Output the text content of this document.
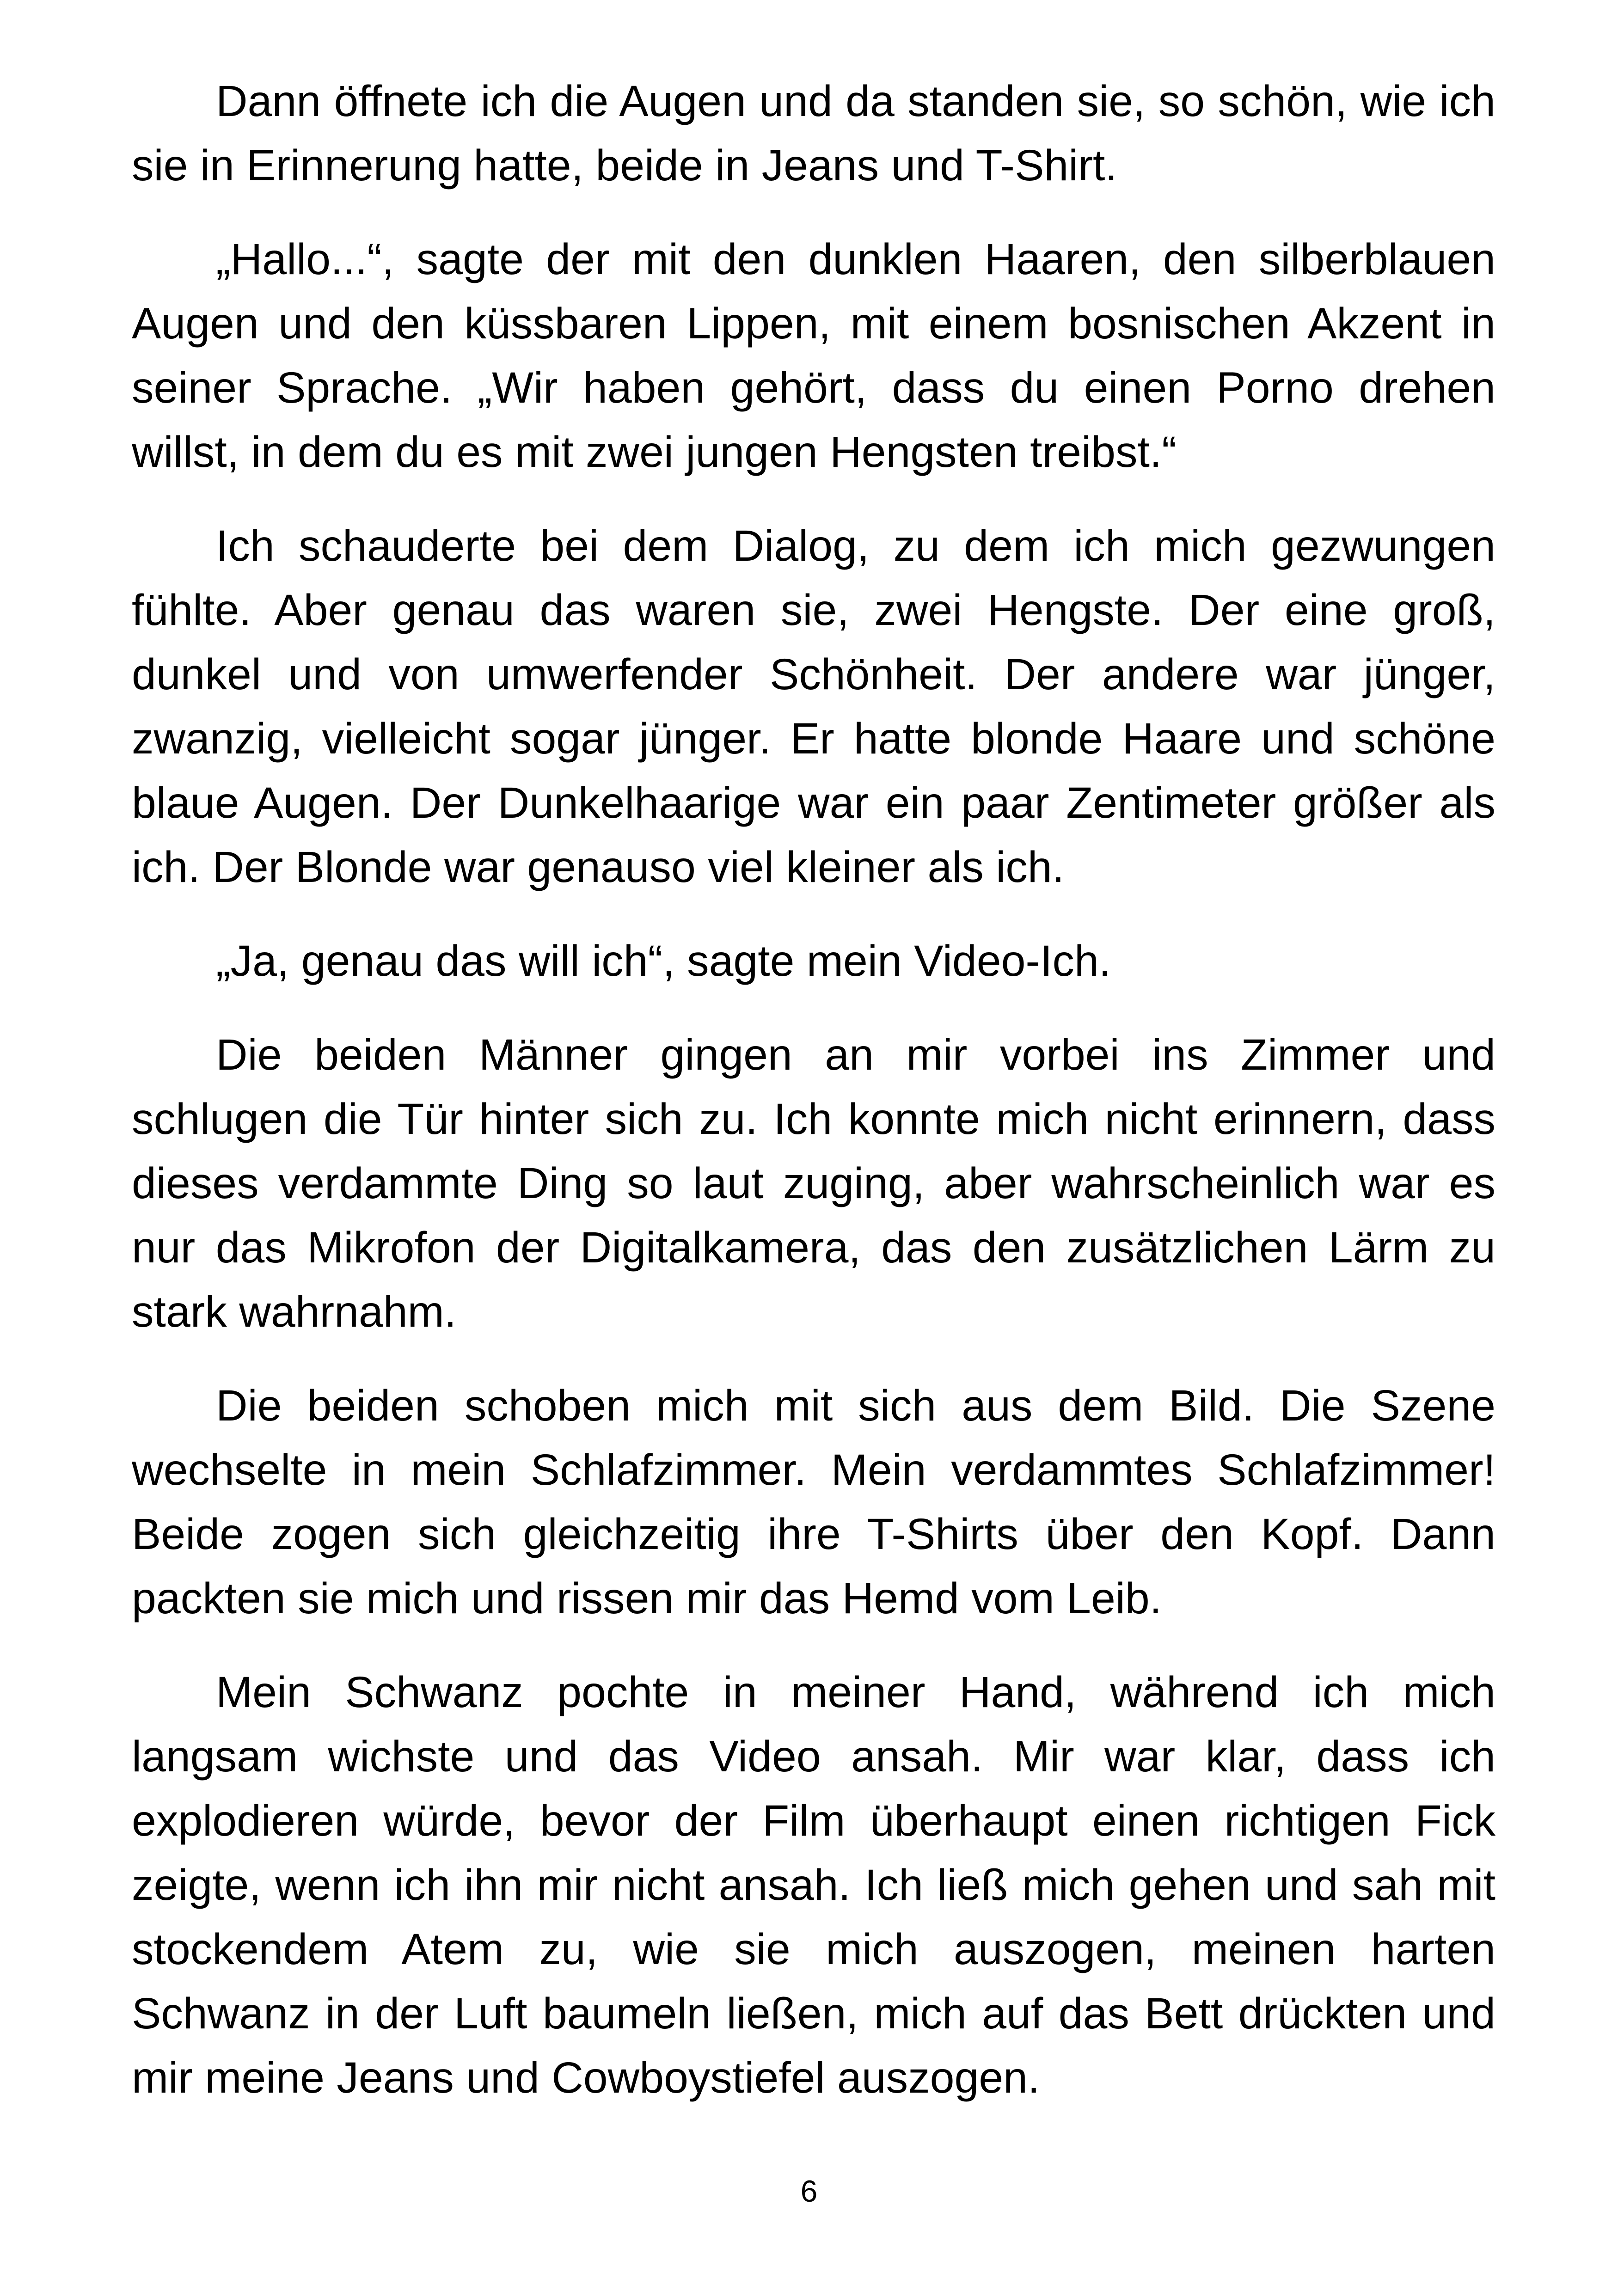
Dann öffnete ich die Augen und da standen sie, so schön, wie ich sie in Erinnerung hatte, beide in Jeans und T-Shirt.

„Hallo...“, sagte der mit den dunklen Haaren, den silberblauen Augen und den küssbaren Lippen, mit einem bosnischen Akzent in seiner Sprache. „Wir haben gehört, dass du einen Porno drehen willst, in dem du es mit zwei jungen Hengsten treibst.“

Ich schauderte bei dem Dialog, zu dem ich mich gezwungen fühlte. Aber genau das waren sie, zwei Hengste. Der eine groß, dunkel und von umwerfender Schönheit. Der andere war jünger, zwanzig, vielleicht sogar jünger. Er hatte blonde Haare und schöne blaue Augen. Der Dunkelhaarige war ein paar Zentimeter größer als ich. Der Blonde war genauso viel kleiner als ich.

„Ja, genau das will ich“, sagte mein Video-Ich.

Die beiden Männer gingen an mir vorbei ins Zimmer und schlugen die Tür hinter sich zu. Ich konnte mich nicht erinnern, dass dieses verdammte Ding so laut zuging, aber wahrscheinlich war es nur das Mikrofon der Digitalkamera, das den zusätzlichen Lärm zu stark wahrnahm.

Die beiden schoben mich mit sich aus dem Bild. Die Szene wechselte in mein Schlafzimmer. Mein verdammtes Schlafzimmer! Beide zogen sich gleichzeitig ihre T-Shirts über den Kopf. Dann packten sie mich und rissen mir das Hemd vom Leib.

Mein Schwanz pochte in meiner Hand, während ich mich langsam wichste und das Video ansah. Mir war klar, dass ich explodieren würde, bevor der Film überhaupt einen richtigen Fick zeigte, wenn ich ihn mir nicht ansah. Ich ließ mich gehen und sah mit stockendem Atem zu, wie sie mich auszogen, meinen harten Schwanz in der Luft baumeln ließen, mich auf das Bett drückten und mir meine Jeans und Cowboystiefel auszogen.

6
